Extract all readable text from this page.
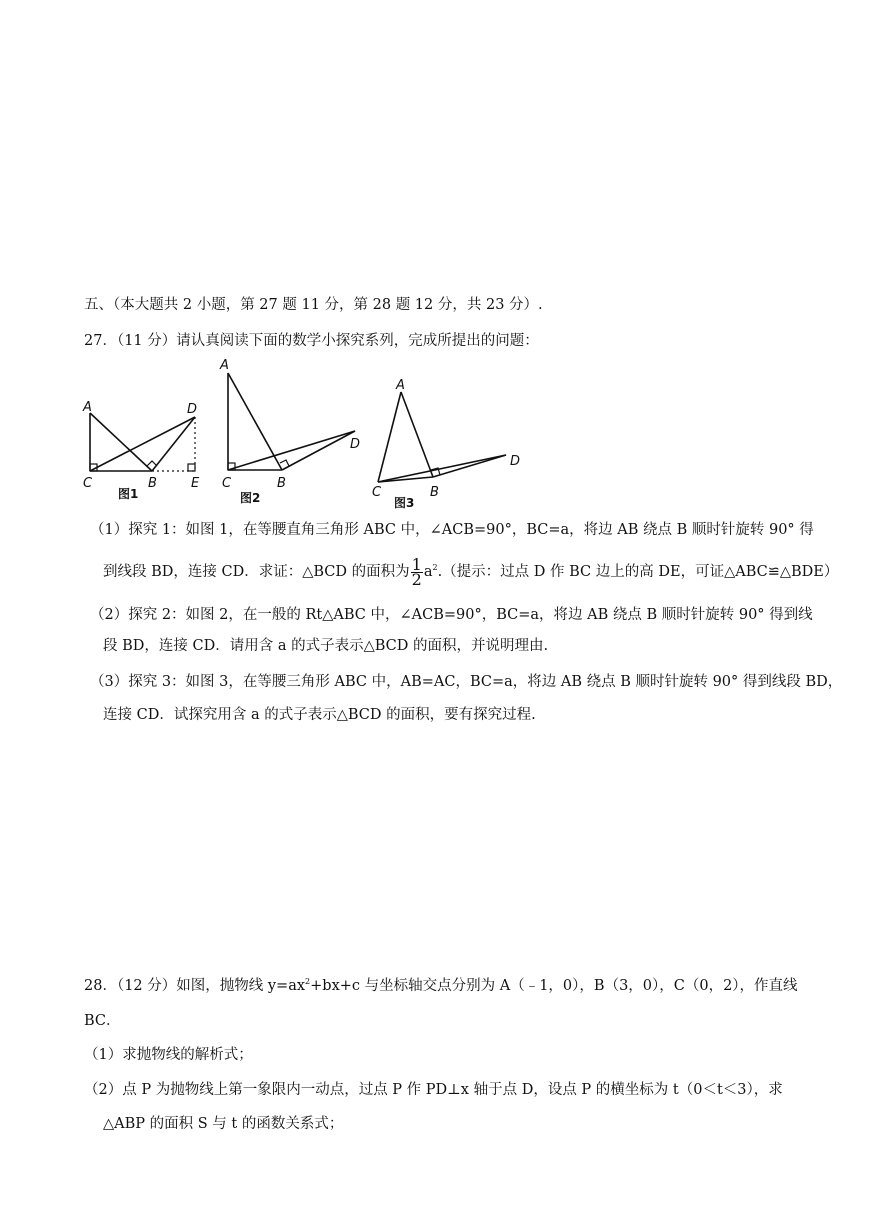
五、（本大题共 2 小题，第 27 题 11 分，第 28 题 12 分，共 23 分）.
27．（11 分）请认真阅读下面的数学小探究系列，完成所提出的问题：
A	D
C	B	E
图1
A
D
C	B
图2
A
D
C	B
图3
（1）探究 1：如图 1，在等腰直角三角形 ABC 中，∠ACB=90°，BC=a，将边 AB 绕点 B 顺时针旋转 90° 得
到线段 BD，连接 CD．求证：△BCD 的面积为 $\frac{1}{2} a^2$.（提示：过点 D 作 BC 边上的高 DE，可证△ABC≌△BDE）
（2）探究 2：如图 2，在一般的 Rt△ABC 中，∠ACB=90°，BC=a，将边 AB 绕点 B 顺时针旋转 90° 得到线
段 BD，连接 CD．请用含 a 的式子表示△BCD 的面积，并说明理由.
（3）探究 3：如图 3，在等腰三角形 ABC 中，AB=AC，BC=a，将边 AB 绕点 B 顺时针旋转 90° 得到线段 BD，
连接 CD．试探究用含 a 的式子表示△BCD 的面积，要有探究过程.
28．（12 分）如图，抛物线 $y=ax^2+bx+c$ 与坐标轴交点分别为 A（﹣1，0），B（3，0），C（0，2），作直线
BC．
（1）求抛物线的解析式；
（2）点 P 为抛物线上第一象限内一动点，过点 P 作 PD⊥x 轴于点 D，设点 P 的横坐标为 t（0＜t＜3），求
△ABP 的面积 S 与 t 的函数关系式；
